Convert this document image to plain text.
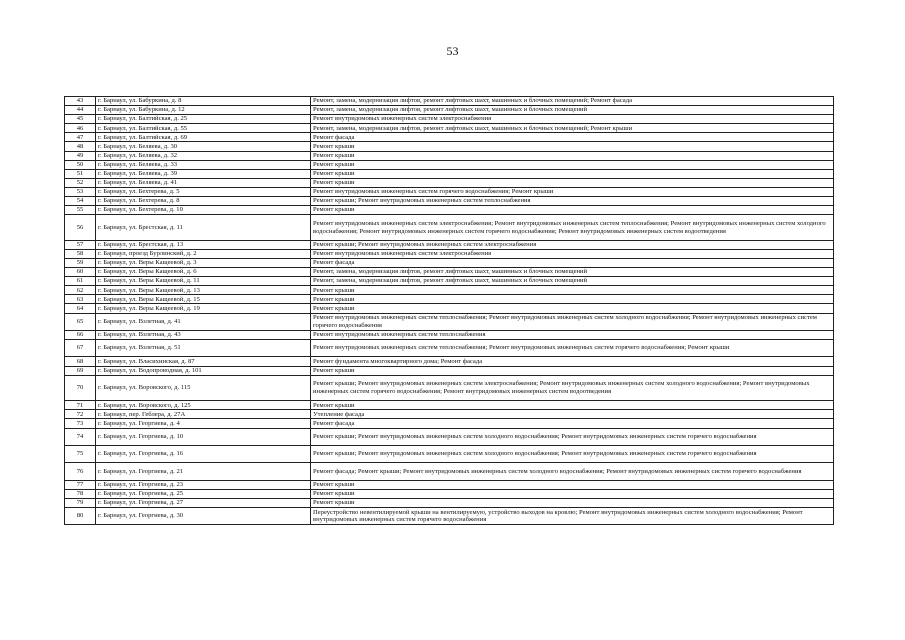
53
43	г. Барнаул, ул. Бабуркина, д. 8	Ремонт, замена, модернизация лифтов, ремонт лифтовых шахт, машинных и блочных помещений; Ремонт фасада
44	г. Барнаул, ул. Бабуркина, д. 12	Ремонт, замена, модернизация лифтов, ремонт лифтовых шахт, машинных и блочных помещений
45	г. Барнаул, ул. Балтийская, д. 25	Ремонт внутридомовых инженерных систем электроснабжения
46	г. Барнаул, ул. Балтийская, д. 55	Ремонт, замена, модернизация лифтов, ремонт лифтовых шахт, машинных и блочных помещений; Ремонт крыши
47	г. Барнаул, ул. Балтийская, д. 69	Ремонт фасада
48	г. Барнаул, ул. Беляева, д. 30	Ремонт крыши
49	г. Барнаул, ул. Беляева, д. 32	Ремонт крыши
50	г. Барнаул, ул. Беляева, д. 33	Ремонт крыши
51	г. Барнаул, ул. Беляева, д. 39	Ремонт крыши
52	г. Барнаул, ул. Беляева, д. 41	Ремонт крыши
53	г. Барнаул, ул. Бехтерева, д. 5	Ремонт внутридомовых инженерных систем горячего водоснабжения; Ремонт крыши
54	г. Барнаул, ул. Бехтерева, д. 8	Ремонт крыши; Ремонт внутридомовых инженерных систем теплоснабжения
55	г. Барнаул, ул. Бехтерева, д. 10	Ремонт крыши
56	г. Барнаул, ул. Брестская, д. 11	Ремонт внутридомовых инженерных систем электроснабжения; Ремонт внутридомовых инженерных систем теплоснабжения; Ремонт внутридомовых инженерных систем холодного водоснабжения; Ремонт внутридомовых инженерных систем горячего водоснабжения; Ремонт внутридомовых инженерных систем водоотведения
57	г. Барнаул, ул. Брестская, д. 13	Ремонт крыши; Ремонт внутридомовых инженерных систем электроснабжения
58	г. Барнаул, проезд Бурлинский, д. 2	Ремонт внутридомовых инженерных систем электроснабжения
59	г. Барнаул, ул. Веры Кащеевой, д. 3	Ремонт фасада
60	г. Барнаул, ул. Веры Кащеевой, д. 6	Ремонт, замена, модернизация лифтов, ремонт лифтовых шахт, машинных и блочных помещений
61	г. Барнаул, ул. Веры Кащеевой, д. 11	Ремонт, замена, модернизация лифтов, ремонт лифтовых шахт, машинных и блочных помещений
62	г. Барнаул, ул. Веры Кащеевой, д. 13	Ремонт крыши
63	г. Барнаул, ул. Веры Кащеевой, д. 15	Ремонт крыши
64	г. Барнаул, ул. Веры Кащеевой, д. 19	Ремонт крыши
65	г. Барнаул, ул. Взлетная, д. 41	Ремонт внутридомовых инженерных систем теплоснабжения; Ремонт внутридомовых инженерных систем холодного водоснабжения; Ремонт внутридомовых инженерных систем горячего водоснабжения
66	г. Барнаул, ул. Взлетная, д. 43	Ремонт внутридомовых инженерных систем теплоснабжения
67	г. Барнаул, ул. Взлетная, д. 51	Ремонт внутридомовых инженерных систем теплоснабжения; Ремонт внутридомовых инженерных систем горячего водоснабжения; Ремонт крыши
68	г. Барнаул, ул. Власихинская, д. 87	Ремонт фундамента многоквартирного дома; Ремонт фасада
69	г. Барнаул, ул. Водопроводная, д. 101	Ремонт крыши
70	г. Барнаул, ул. Воровского, д. 115	Ремонт крыши; Ремонт внутридомовых инженерных систем электроснабжения; Ремонт внутридомовых инженерных систем холодного водоснабжения; Ремонт внутридомовых инженерных систем горячего водоснабжения; Ремонт внутридомовых инженерных систем водоотведения
71	г. Барнаул, ул. Воровского, д. 125	Ремонт крыши
72	г. Барнаул, пер. Геблера, д. 27А	Утепление фасада
73	г. Барнаул, ул. Георгиева, д. 4	Ремонт фасада
74	г. Барнаул, ул. Георгиева, д. 10	Ремонт крыши; Ремонт внутридомовых инженерных систем холодного водоснабжения; Ремонт внутридомовых инженерных систем горячего водоснабжения
75	г. Барнаул, ул. Георгиева, д. 16	Ремонт крыши; Ремонт внутридомовых инженерных систем холодного водоснабжения; Ремонт внутридомовых инженерных систем горячего водоснабжения
76	г. Барнаул, ул. Георгиева, д. 21	Ремонт фасада; Ремонт крыши; Ремонт внутридомовых инженерных систем холодного водоснабжения; Ремонт внутридомовых инженерных систем горячего водоснабжения
77	г. Барнаул, ул. Георгиева, д. 23	Ремонт крыши
78	г. Барнаул, ул. Георгиева, д. 25	Ремонт крыши
79	г. Барнаул, ул. Георгиева, д. 27	Ремонт крыши
80	г. Барнаул, ул. Георгиева, д. 30	Переустройство невентилируемой крыши на вентилируемую, устройство выходов на кровлю; Ремонт внутридомовых инженерных систем холодного водоснабжения; Ремонт внутридомовых инженерных систем горячего водоснабжения
